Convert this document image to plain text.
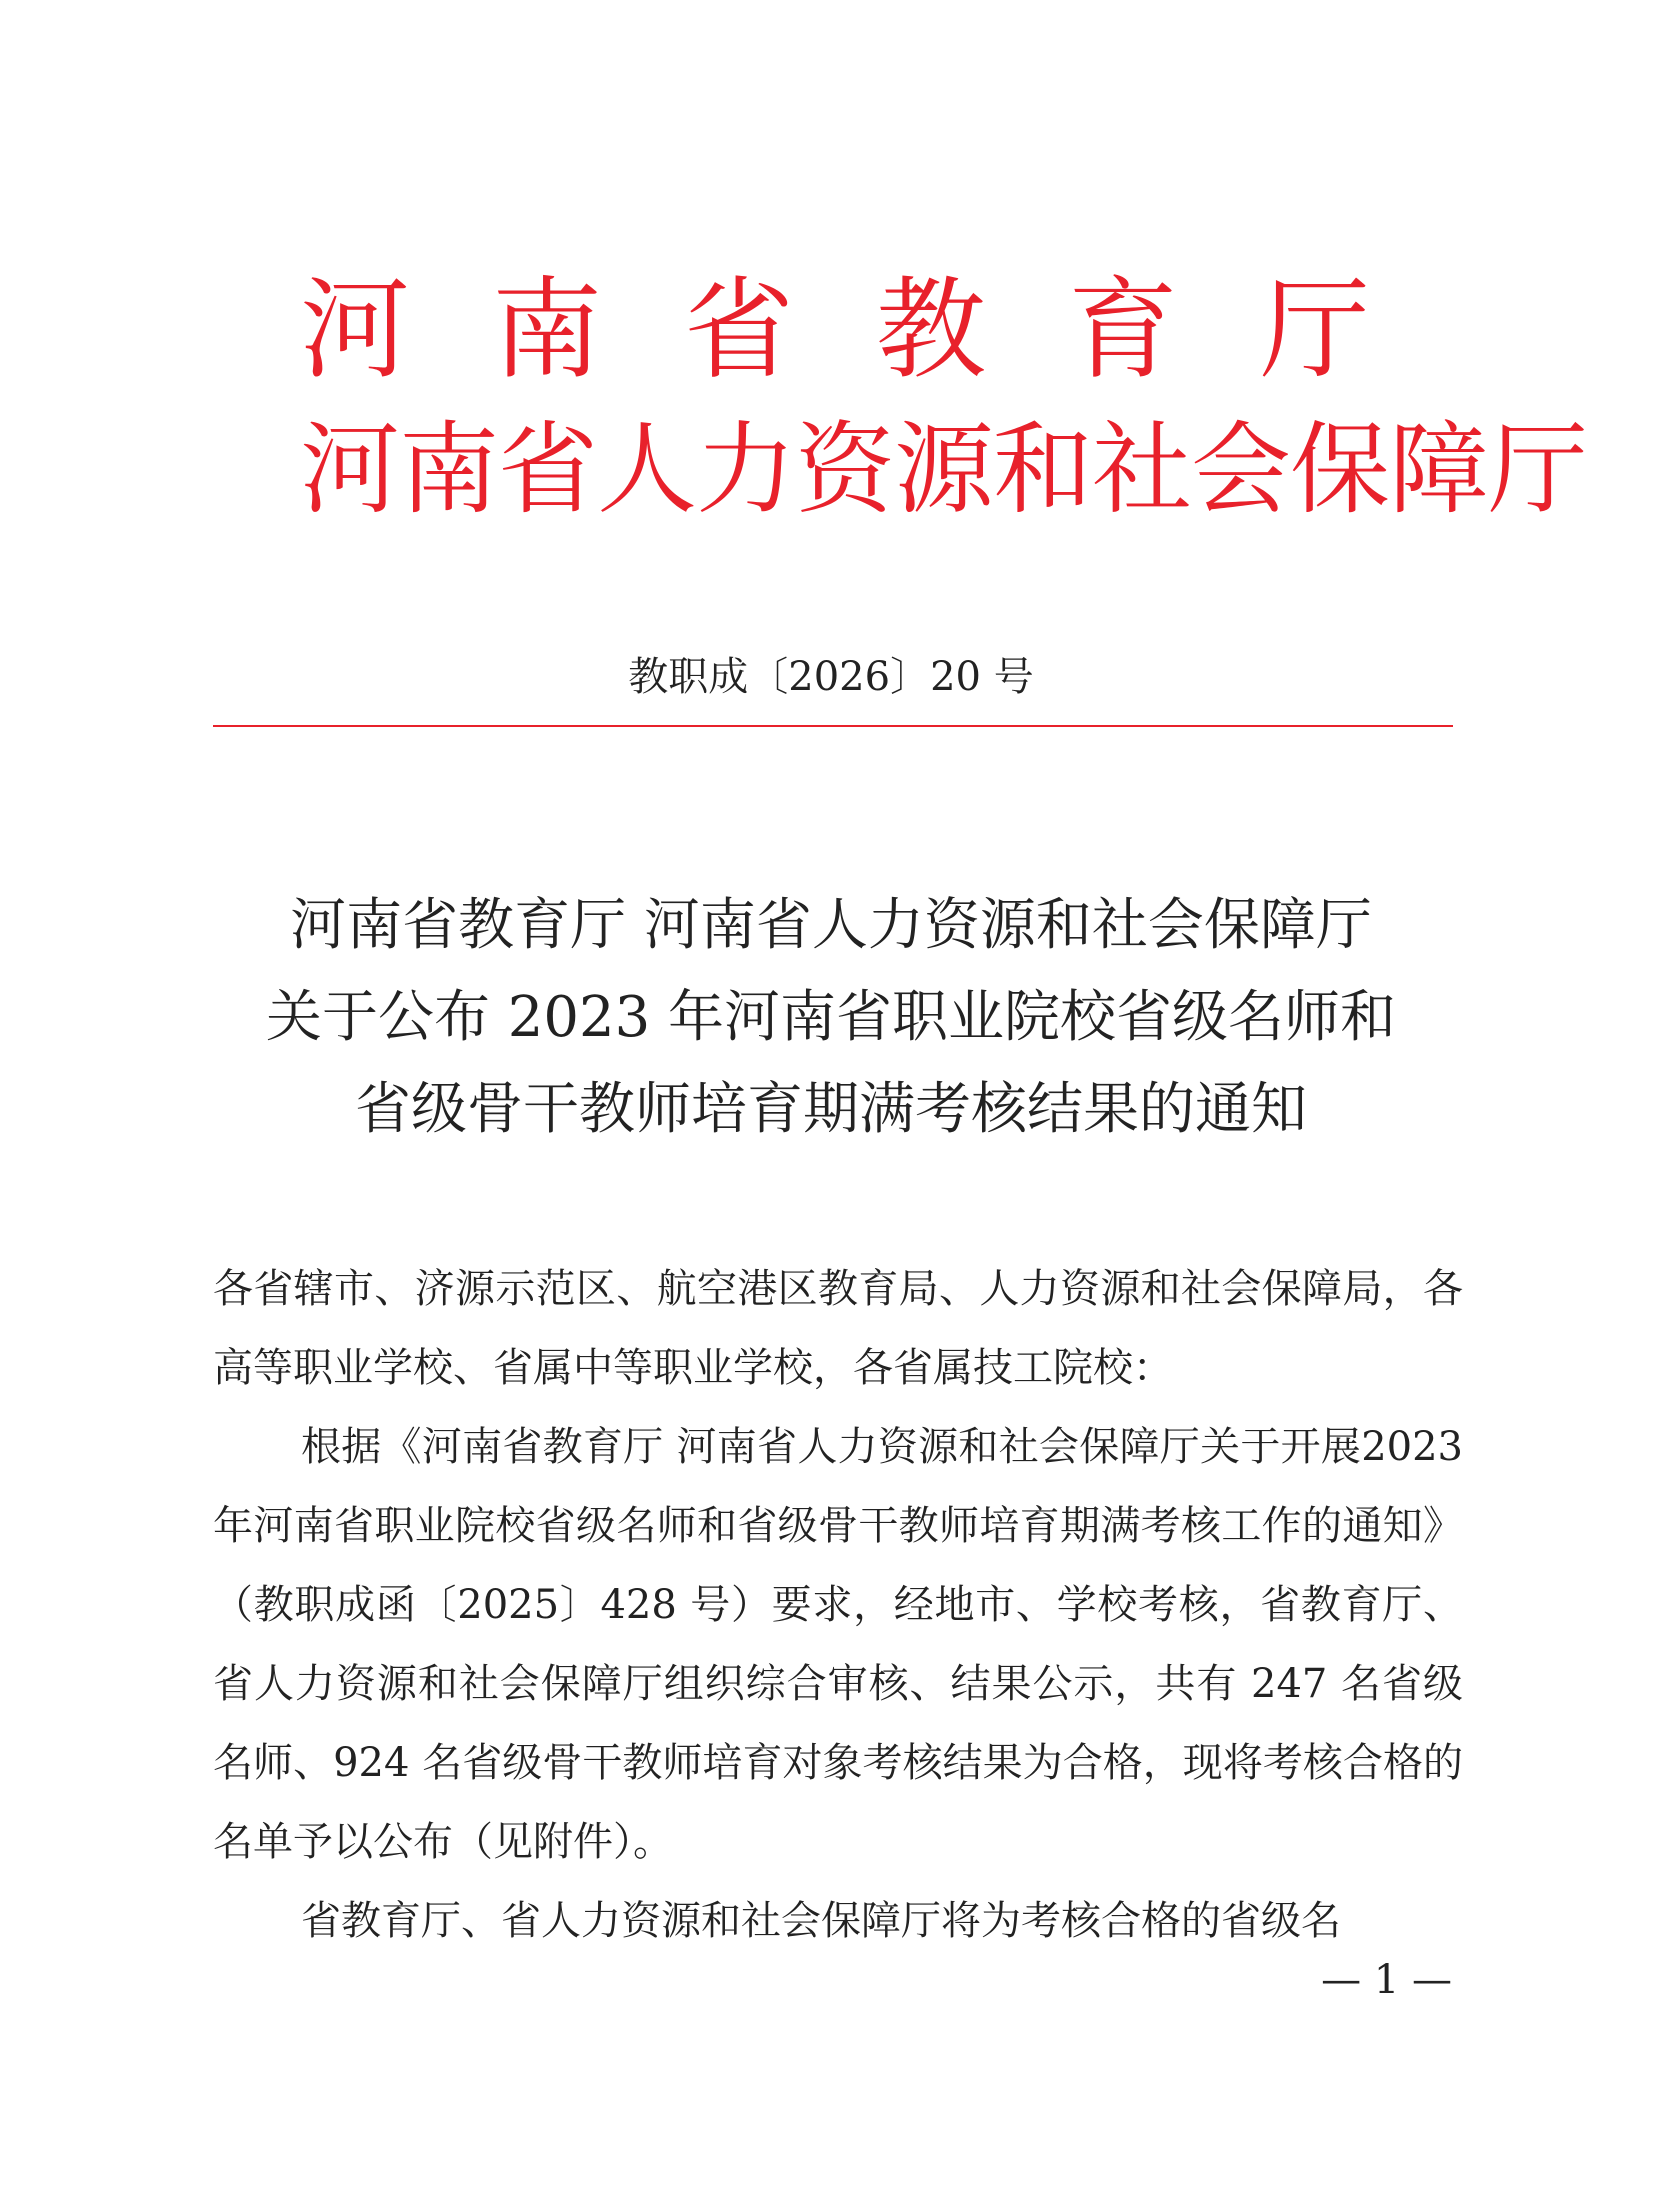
河 南 省 教 育 厅
河南省人力资源和社会保障厅
教职成〔2026〕20 号
河南省教育厅 河南省人力资源和社会保障厅
关于公布 2023 年河南省职业院校省级名师和
省级骨干教师培育期满考核结果的通知

各省辖市、济源示范区、航空港区教育局、人力资源和社会保障局，各高等职业学校、省属中等职业学校，各省属技工院校：

根据《河南省教育厅 河南省人力资源和社会保障厅关于开展2023年河南省职业院校省级名师和省级骨干教师培育期满考核工作的通知》（教职成函〔2025〕428 号）要求，经地市、学校考核，省教育厅、省人力资源和社会保障厅组织综合审核、结果公示，共有 247 名省级名师、924 名省级骨干教师培育对象考核结果为合格，现将考核合格的名单予以公布（见附件）。

省教育厅、省人力资源和社会保障厅将为考核合格的省级名

— 1 —
